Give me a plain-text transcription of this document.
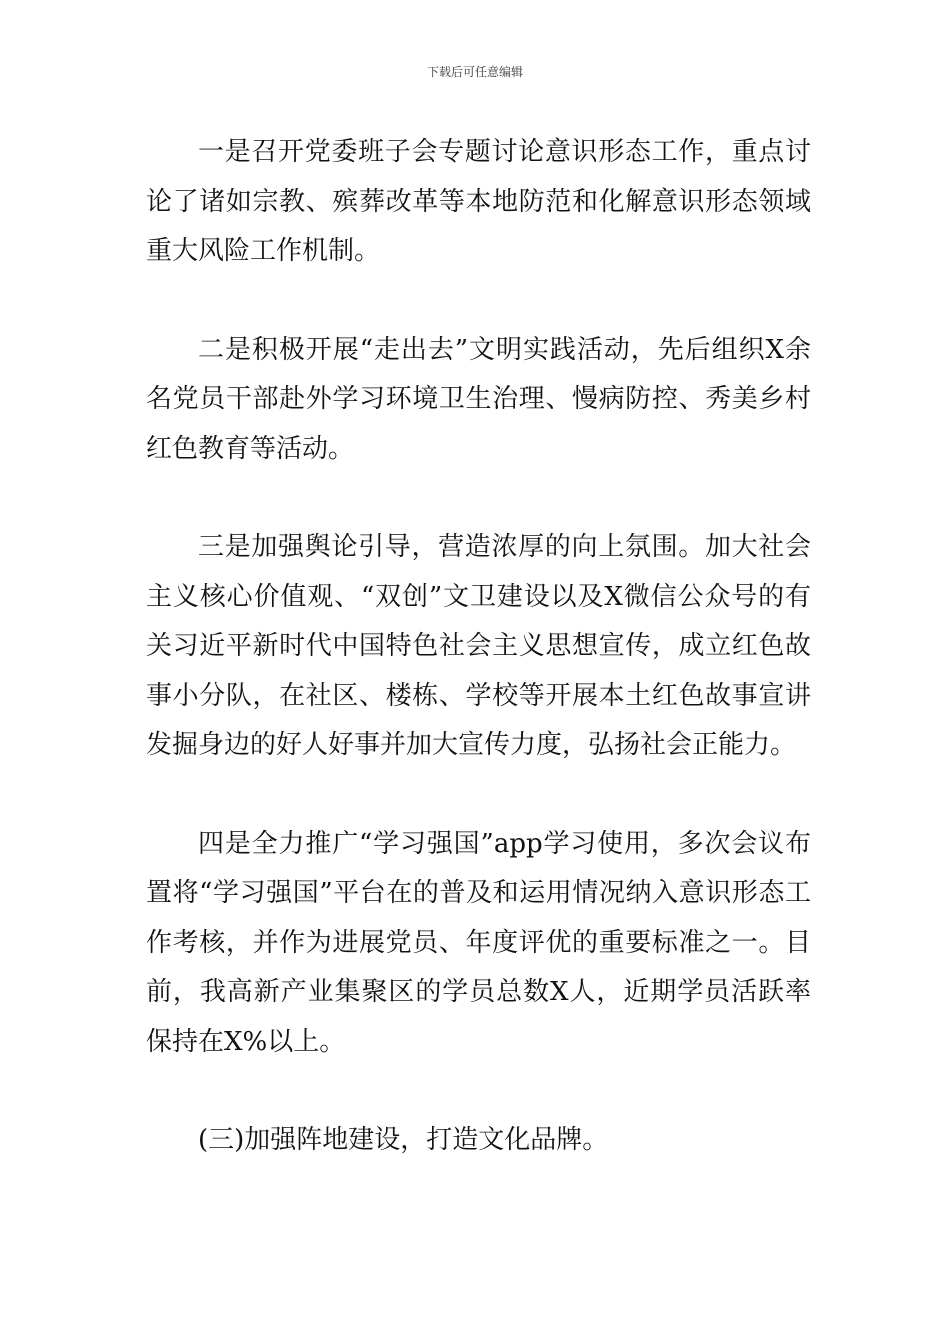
下载后可任意编辑

一是召开党委班子会专题讨论意识形态工作，重点讨论了诸如宗教、殡葬改革等本地防范和化解意识形态领域重大风险工作机制。

二是积极开展“走出去”文明实践活动，先后组织X余名党员干部赴外学习环境卫生治理、慢病防控、秀美乡村红色教育等活动。

三是加强舆论引导，营造浓厚的向上氛围。加大社会主义核心价值观、“双创”文卫建设以及X微信公众号的有关习近平新时代中国特色社会主义思想宣传，成立红色故事小分队，在社区、楼栋、学校等开展本土红色故事宣讲发掘身边的好人好事并加大宣传力度，弘扬社会正能力。

四是全力推广“学习强国”app学习使用，多次会议布置将“学习强国”平台在的普及和运用情况纳入意识形态工作考核，并作为进展党员、年度评优的重要标准之一。目前，我高新产业集聚区的学员总数X人，近期学员活跃率保持在X%以上。

(三)加强阵地建设，打造文化品牌。
